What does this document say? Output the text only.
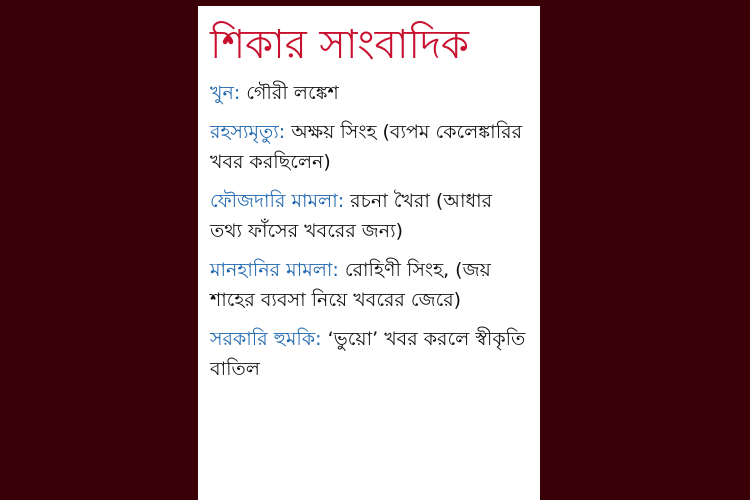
শিকার সাংবাদিক
খুন: গৌরী লঙ্কেশ
রহস্যমৃত্যু: অক্ষয় সিংহ (ব্যপম কেলেঙ্কারির খবর করছিলেন)
ফৌজদারি মামলা: রচনা খৈরা (আধার তথ্য ফাঁসের খবরের জন্য)
মানহানির মামলা: রোহিণী সিংহ, (জয় শাহের ব্যবসা নিয়ে খবরের জেরে)
সরকারি হুমকি: ‘ভুয়ো’ খবর করলে স্বীকৃতি বাতিল
